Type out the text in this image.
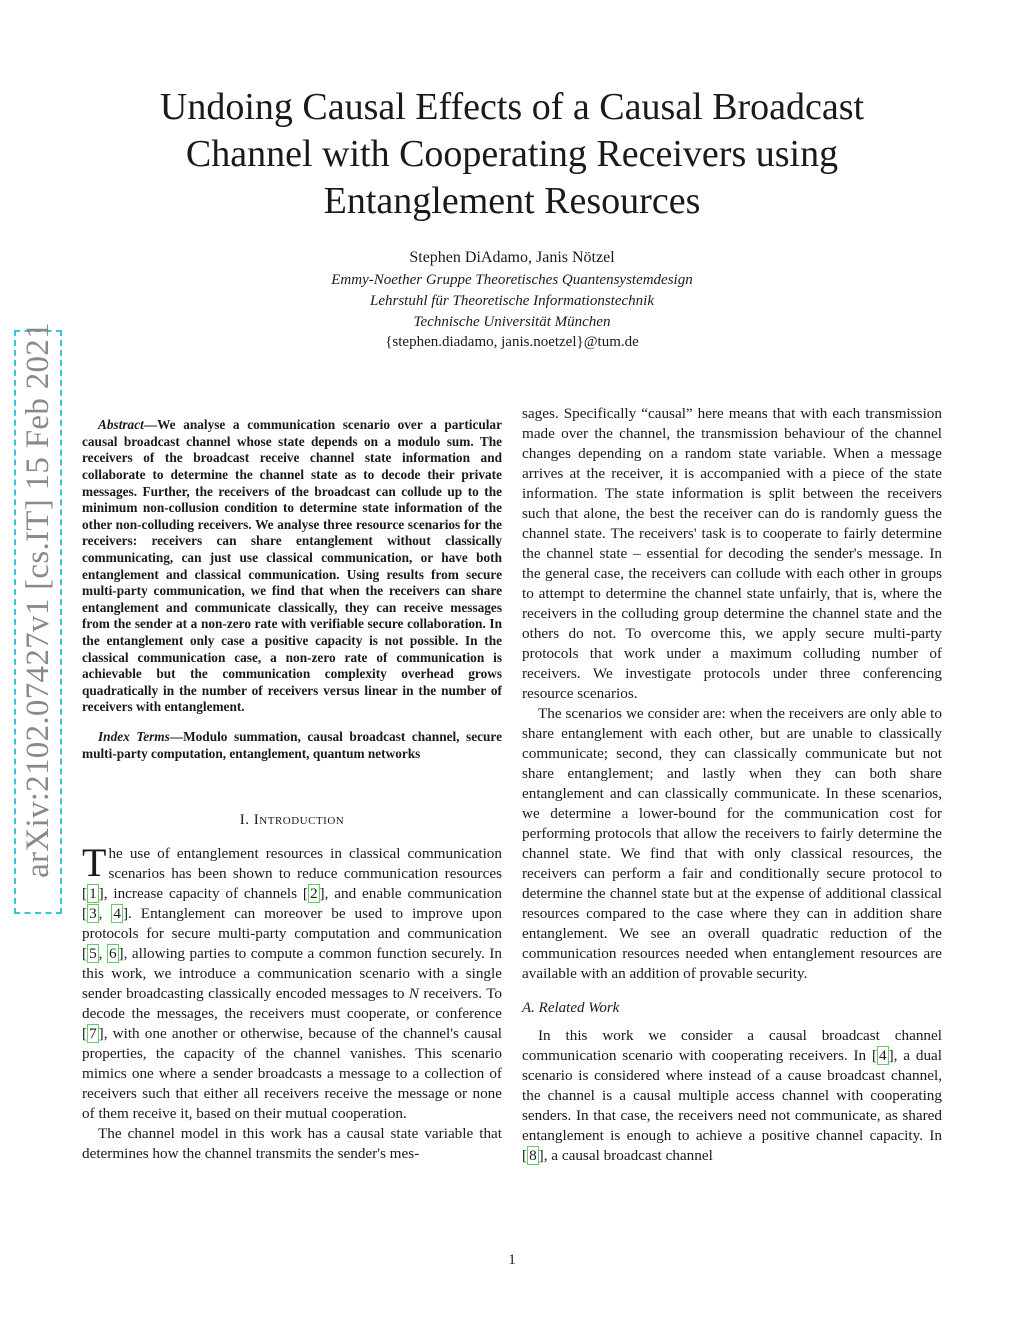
Undoing Causal Effects of a Causal Broadcast
Channel with Cooperating Receivers using
Entanglement Resources
Stephen DiAdamo, Janis Nötzel
Emmy-Noether Gruppe Theoretisches Quantensystemdesign
Lehrstuhl für Theoretische Informationstechnik
Technische Universität München
{stephen.diadamo, janis.noetzel}@tum.de
arXiv:2102.07427v1 [cs.IT] 15 Feb 2021	Abstract—We analyse a communication scenario over a particular causal broadcast channel whose state depends on a modulo sum. The receivers of the broadcast receive channel state information and collaborate to determine the channel state as to decode their private messages. Further, the receivers of the broadcast can collude up to the minimum non-collusion condition to determine state information of the other non-colluding receivers. We analyse three resource scenarios for the receivers: receivers can share entanglement without classically communicating, can just use classical communication, or have both entanglement and classical communication. Using results from secure multi-party communication, we find that when the receivers can share entanglement and communicate classically, they can receive messages from the sender at a non-zero rate with verifiable secure collaboration. In the entanglement only case a positive capacity is not possible. In the classical communication case, a non-zero rate of communication is achievable but the communication complexity overhead grows quadratically in the number of receivers versus linear in the number of receivers with entanglement.

Index Terms—Modulo summation, causal broadcast channel, secure multi-party computation, entanglement, quantum networks

I. Introduction

The use of entanglement resources in classical communication scenarios has been shown to reduce communication resources [ 1 ], increase capacity of channels [ 2 ], and enable communication [ 3 , 4 ]. Entanglement can moreover be used to improve upon protocols for secure multi-party computation and communication [ 5 , 6 ], allowing parties to compute a common function securely. In this work, we introduce a communication scenario with a single sender broadcasting classically encoded messages to N receivers. To decode the messages, the receivers must cooperate, or conference [ 7 ], with one another or otherwise, because of the channel's causal properties, the capacity of the channel vanishes. This scenario mimics one where a sender broadcasts a message to a collection of receivers such that either all receivers receive the message or none of them receive it, based on their mutual cooperation.

The channel model in this work has a causal state variable that determines how the channel transmits the sender's mes-

sages. Specifically “causal” here means that with each transmission made over the channel, the transmission behaviour of the channel changes depending on a random state variable. When a message arrives at the receiver, it is accompanied with a piece of the state information. The state information is split between the receivers such that alone, the best the receiver can do is randomly guess the channel state. The receivers' task is to cooperate to fairly determine the channel state – essential for decoding the sender's message. In the general case, the receivers can collude with each other in groups to attempt to determine the channel state unfairly, that is, where the receivers in the colluding group determine the channel state and the others do not. To overcome this, we apply secure multi-party protocols that work under a maximum colluding number of receivers. We investigate protocols under three conferencing resource scenarios.

The scenarios we consider are: when the receivers are only able to share entanglement with each other, but are unable to classically communicate; second, they can classically communicate but not share entanglement; and lastly when they can both share entanglement and can classically communicate. In these scenarios, we determine a lower-bound for the communication cost for performing protocols that allow the receivers to fairly determine the channel state. We find that with only classical resources, the receivers can perform a fair and conditionally secure protocol to determine the channel state but at the expense of additional classical resources compared to the case where they can in addition share entanglement. We see an overall quadratic reduction of the communication resources needed when entanglement resources are available with an addition of provable security.

A. Related Work

In this work we consider a causal broadcast channel communication scenario with cooperating receivers. In [ 4 ], a dual scenario is considered where instead of a cause broadcast channel, the channel is a causal multiple access channel with cooperating senders. In that case, the receivers need not communicate, as shared entanglement is enough to achieve a positive channel capacity. In [ 8 ], a causal broadcast channel

1
